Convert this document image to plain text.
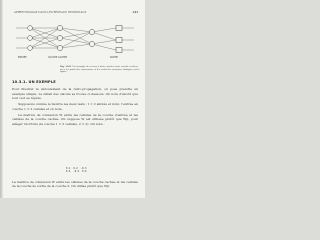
APPRENTISSAGE DANS LES RÉSEAUX NEURONAUX	243
ENTRÉE	COUCHE CACHÉE	SORTIE
Fig. 10.8. Un exemple de réseau à trois couches (une couche cachée) avec les poids des connexions et les seuils des neurones indiqués sur la figure.
10.3.1. UN EXEMPLE

Pour illustrer le déroulement de la rétro-propagation, on pose prendre un exemple simple. Le détail des calculs se trouve ci-dessous. On note d'abord que tout ceci se répète.

Supposons comme le montre les deux tests : I = 2 allotés et donc, l'entrée en couche 1 = 2 cellules et on note.

La matrice de connexion W entre les cellules de la couche d'entrée et les cellules de la couche cachée. On suppose W est utilisée plutôt que Wji, pour alléger l'écriture (la couche 1 = 2 cellules, 2 = 2). On note :

0.1 0.2 -0.3
0.4 -0.5 0.6
La matrice de connexion W entre les cellules de la couche cachée et les cellules de la couche de sortie de la couche 2. On utilise plutôt que Wji.
